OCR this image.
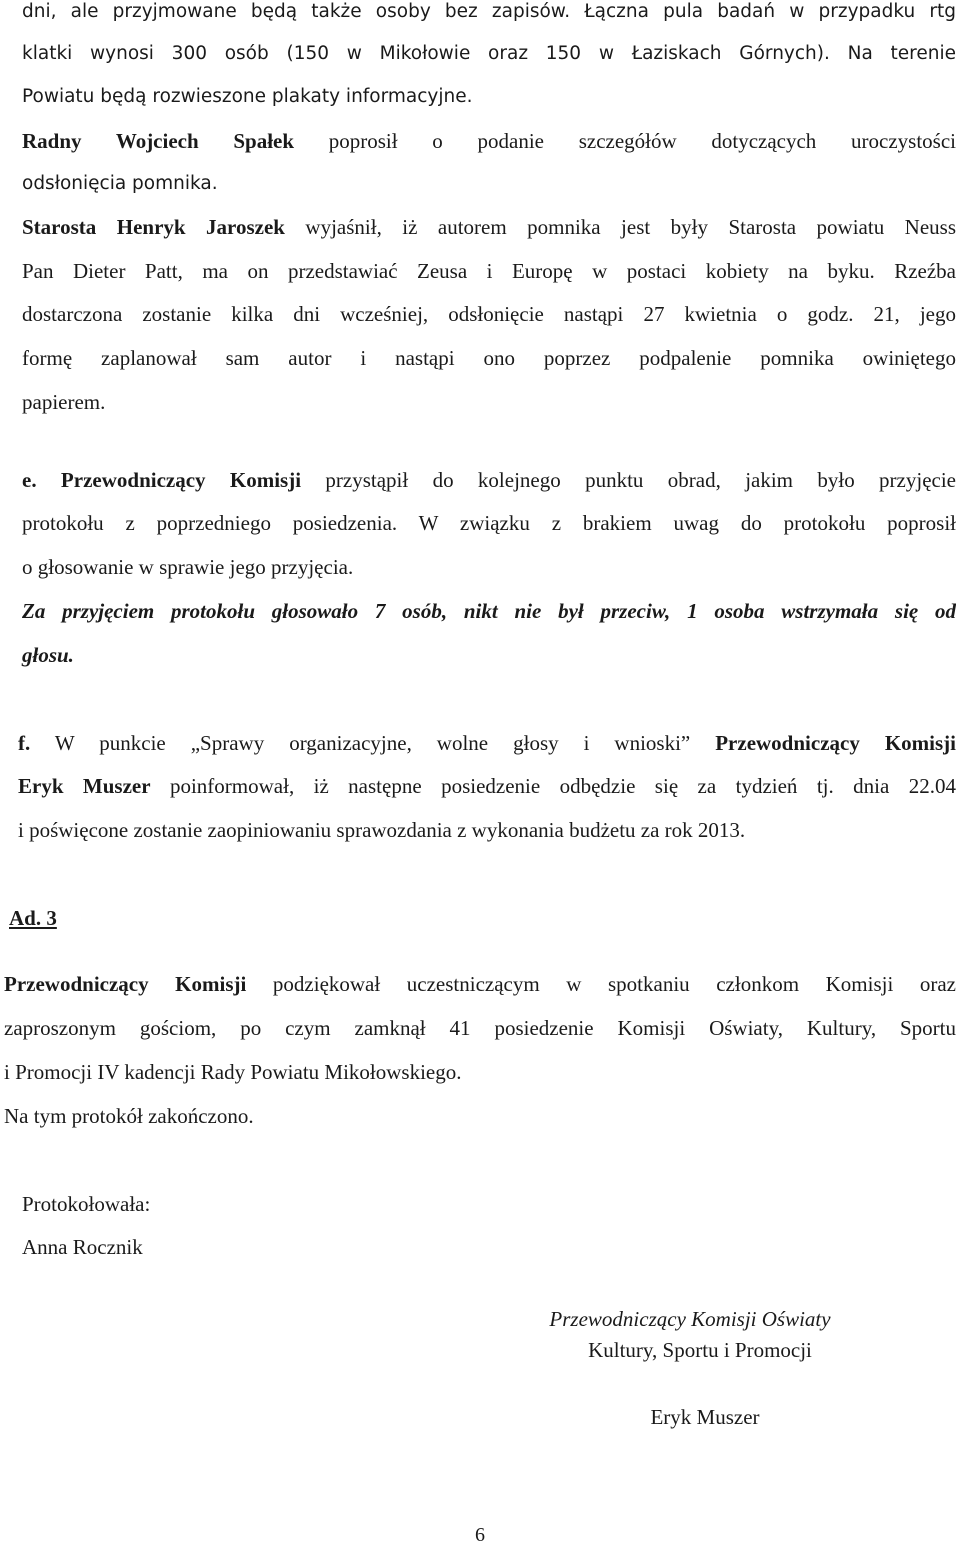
dni, ale przyjmowane będą także osoby bez zapisów. Łączna pula badań w przypadku rtg
klatki wynosi 300 osób (150 w Mikołowie oraz 150 w Łaziskach Górnych). Na terenie
Powiatu będą rozwieszone plakaty informacyjne.
Radny Wojciech Spałek poprosił o podanie szczegółów dotyczących uroczystości
odsłonięcia pomnika.
Starosta Henryk Jaroszek wyjaśnił, iż autorem pomnika jest były Starosta powiatu Neuss
Pan Dieter Patt, ma on przedstawiać Zeusa i Europę w postaci kobiety na byku. Rzeźba
dostarczona zostanie kilka dni wcześniej, odsłonięcie nastąpi 27 kwietnia o godz. 21, jego
formę zaplanował sam autor i nastąpi ono poprzez podpalenie pomnika owiniętego
papierem.
e. Przewodniczący Komisji przystąpił do kolejnego punktu obrad, jakim było przyjęcie
protokołu z poprzedniego posiedzenia. W związku z brakiem uwag do protokołu poprosił
o głosowanie w sprawie jego przyjęcia.
Za przyjęciem protokołu głosowało 7 osób, nikt nie był przeciw, 1 osoba wstrzymała się od
głosu.
f. W punkcie „Sprawy organizacyjne, wolne głosy i wnioski” Przewodniczący Komisji
Eryk Muszer poinformował, iż następne posiedzenie odbędzie się za tydzień tj. dnia 22.04
i poświęcone zostanie zaopiniowaniu sprawozdania z wykonania budżetu za rok 2013.
Ad. 3
Przewodniczący Komisji podziękował uczestniczącym w spotkaniu członkom Komisji oraz
zaproszonym gościom, po czym zamknął 41 posiedzenie Komisji Oświaty, Kultury, Sportu
i Promocji IV kadencji Rady Powiatu Mikołowskiego.
Na tym protokół zakończono.
Protokołowała:
Anna Rocznik
Przewodniczący Komisji Oświaty
Kultury, Sportu i Promocji
Eryk Muszer
6
